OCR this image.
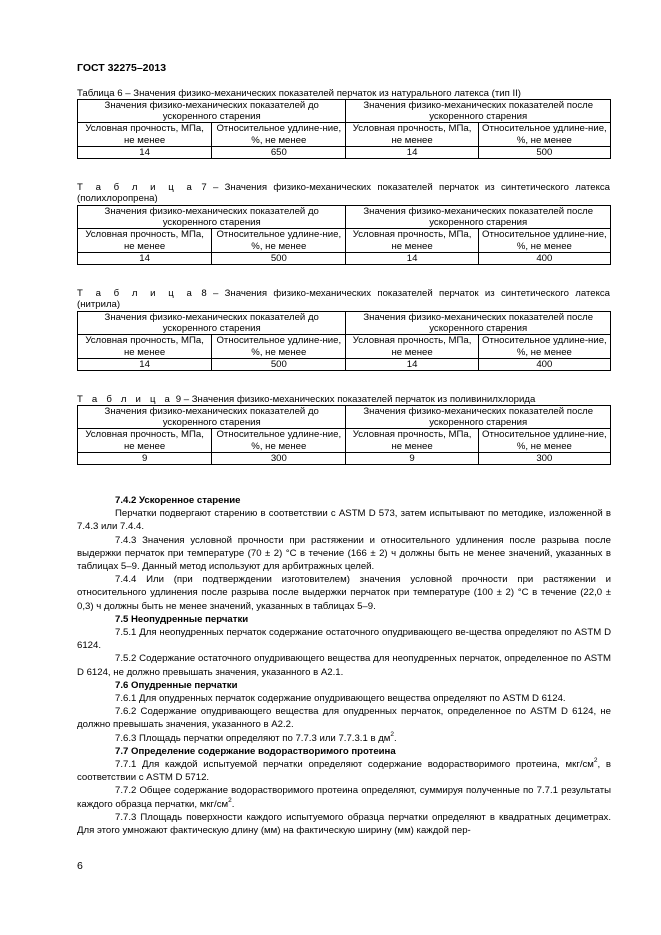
ГОСТ 32275–2013
Таблица 6 – Значения физико-механических показателей перчаток из натурального латекса (тип II)
Значения физико-механических показателей до ускоренного старения		Значения физико-механических показателей после ускоренного старения	
Условная прочность, МПа, не менее	Относительное удлине-ние, %, не менее	Условная прочность, МПа, не менее	Относительное удлине-ние, %, не менее
14	650	14	500
Т а б л и ц а 7 – Значения физико-механических показателей перчаток из синтетического латекса
(полихлоропрена)
Значения физико-механических показателей до ускоренного старения		Значения физико-механических показателей после ускоренного старения	
Условная прочность, МПа, не менее	Относительное удлине-ние, %, не менее	Условная прочность, МПа, не менее	Относительное удлине-ние, %, не менее
14	500	14	400
Т а б л и ц а 8 – Значения физико-механических показателей перчаток из синтетического латекса
(нитрила)
Значения физико-механических показателей до ускоренного старения		Значения физико-механических показателей после ускоренного старения	
Условная прочность, МПа, не менее	Относительное удлине-ние, %, не менее	Условная прочность, МПа, не менее	Относительное удлине-ние, %, не менее
14	500	14	400
Т а б л и ц а 9 – Значения физико-механических показателей перчаток из поливинилхлорида
Значения физико-механических показателей до ускоренного старения		Значения физико-механических показателей после ускоренного старения	
Условная прочность, МПа, не менее	Относительное удлине-ние, %, не менее	Условная прочность, МПа, не менее	Относительное удлине-ние, %, не менее
9	300	9	300

7.4.2 Ускоренное старение

Перчатки подвергают старению в соответствии с ASTM D 573, затем испытывают по методике, изложенной в 7.4.3 или 7.4.4.

7.4.3 Значения условной прочности при растяжении и относительного удлинения после разрыва после выдержки перчаток при температуре (70 ± 2) °С в течение (166 ± 2) ч должны быть не менее значений, указанных в таблицах 5–9. Данный метод используют для арбитражных целей.

7.4.4 Или (при подтверждении изготовителем) значения условной прочности при растяжении и относительного удлинения после разрыва после выдержки перчаток при температуре (100 ± 2) °С в течение (22,0 ± 0,3) ч должны быть не менее значений, указанных в таблицах 5–9.

7.5 Неопудренные перчатки

7.5.1 Для неопудренных перчаток содержание остаточного опудривающего ве-щества определяют по ASTM D 6124.

7.5.2 Содержание остаточного опудривающего вещества для неопудренных перчаток, определенное по ASTM D 6124, не должно превышать значения, указанного в А2.1.

7.6 Опудренные перчатки

7.6.1 Для опудренных перчаток содержание опудривающего вещества определяют по ASTM D 6124.

7.6.2 Содержание опудривающего вещества для опудренных перчаток, определенное по ASTM D 6124, не должно превышать значения, указанного в А2.2.

7.6.3 Площадь перчатки определяют по 7.7.3 или 7.7.3.1 в $дм^2$.

7.7 Определение содержание водорастворимого протеина

7.7.1 Для каждой испытуемой перчатки определяют содержание водорастворимого протеина, мкг/$см^2$, в соответствии с ASTM D 5712.

7.7.2 Общее содержание водорастворимого протеина определяют, суммируя полученные по 7.7.1 результаты каждого образца перчатки, мкг/$см^2$.

7.7.3 Площадь поверхности каждого испытуемого образца перчатки определяют в квадратных дециметрах. Для этого умножают фактическую длину (мм) на фактическую ширину (мм) каждой пер-

6
